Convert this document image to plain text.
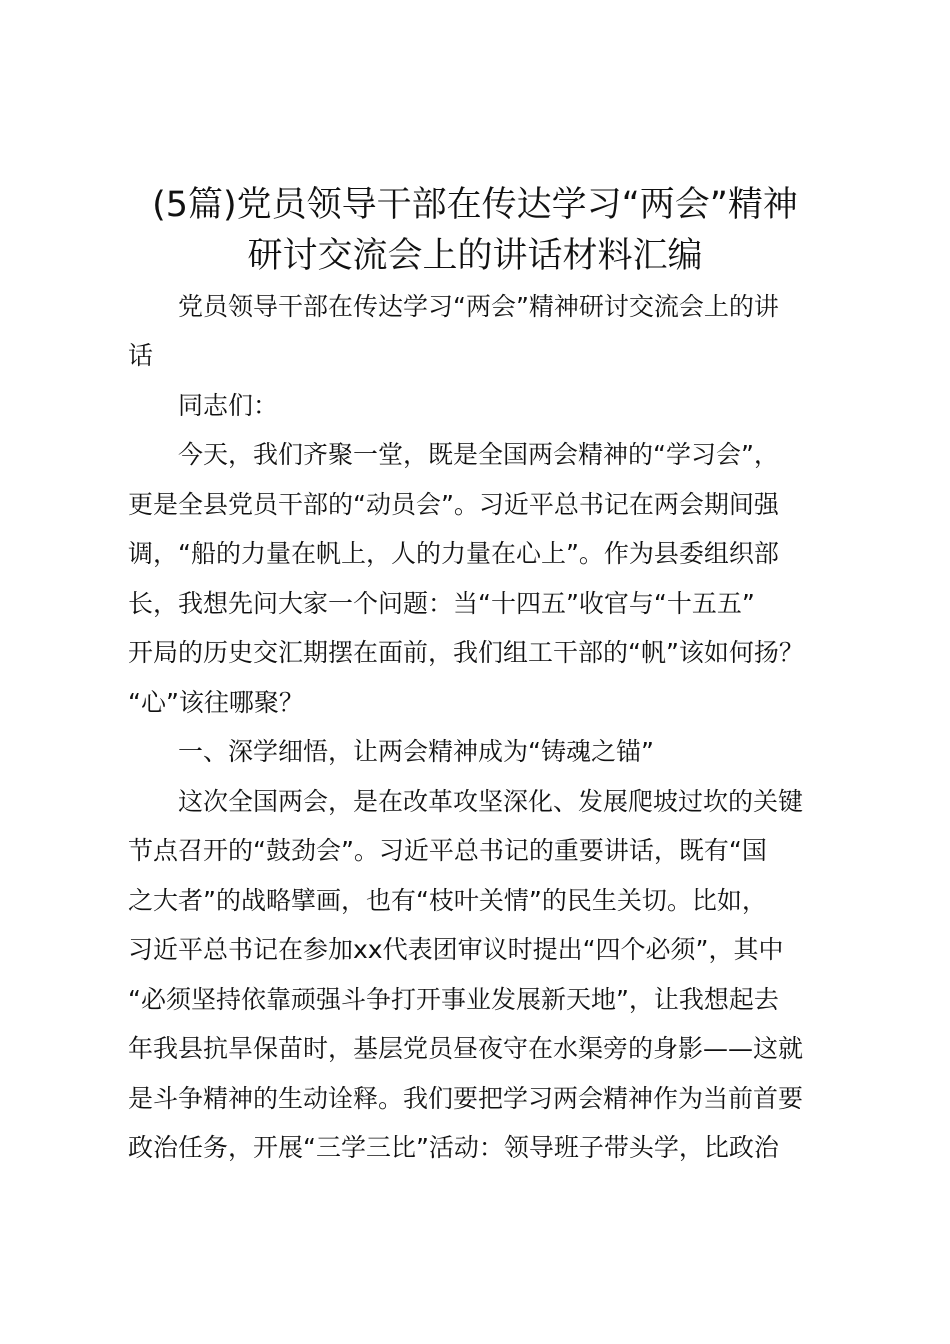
(5篇)党员领导干部在传达学习“两会”精神
研讨交流会上的讲话材料汇编
　　党员领导干部在传达学习“两会”精神研讨交流会上的讲
话
　　同志们：
　　今天，我们齐聚一堂，既是全国两会精神的“学习会”，
更是全县党员干部的“动员会”。习近平总书记在两会期间强
调，“船的力量在帆上，人的力量在心上”。作为县委组织部
长，我想先问大家一个问题：当“十四五”收官与“十五五”
开局的历史交汇期摆在面前，我们组工干部的“帆”该如何扬？
“心”该往哪聚？
　　一、深学细悟，让两会精神成为“铸魂之锚”
　　这次全国两会，是在改革攻坚深化、发展爬坡过坎的关键
节点召开的“鼓劲会”。习近平总书记的重要讲话，既有“国
之大者”的战略擘画，也有“枝叶关情”的民生关切。比如，
习近平总书记在参加xx代表团审议时提出“四个必须”，其中
“必须坚持依靠顽强斗争打开事业发展新天地”，让我想起去
年我县抗旱保苗时，基层党员昼夜守在水渠旁的身影——这就
是斗争精神的生动诠释。我们要把学习两会精神作为当前首要
政治任务，开展“三学三比”活动：领导班子带头学，比政治
